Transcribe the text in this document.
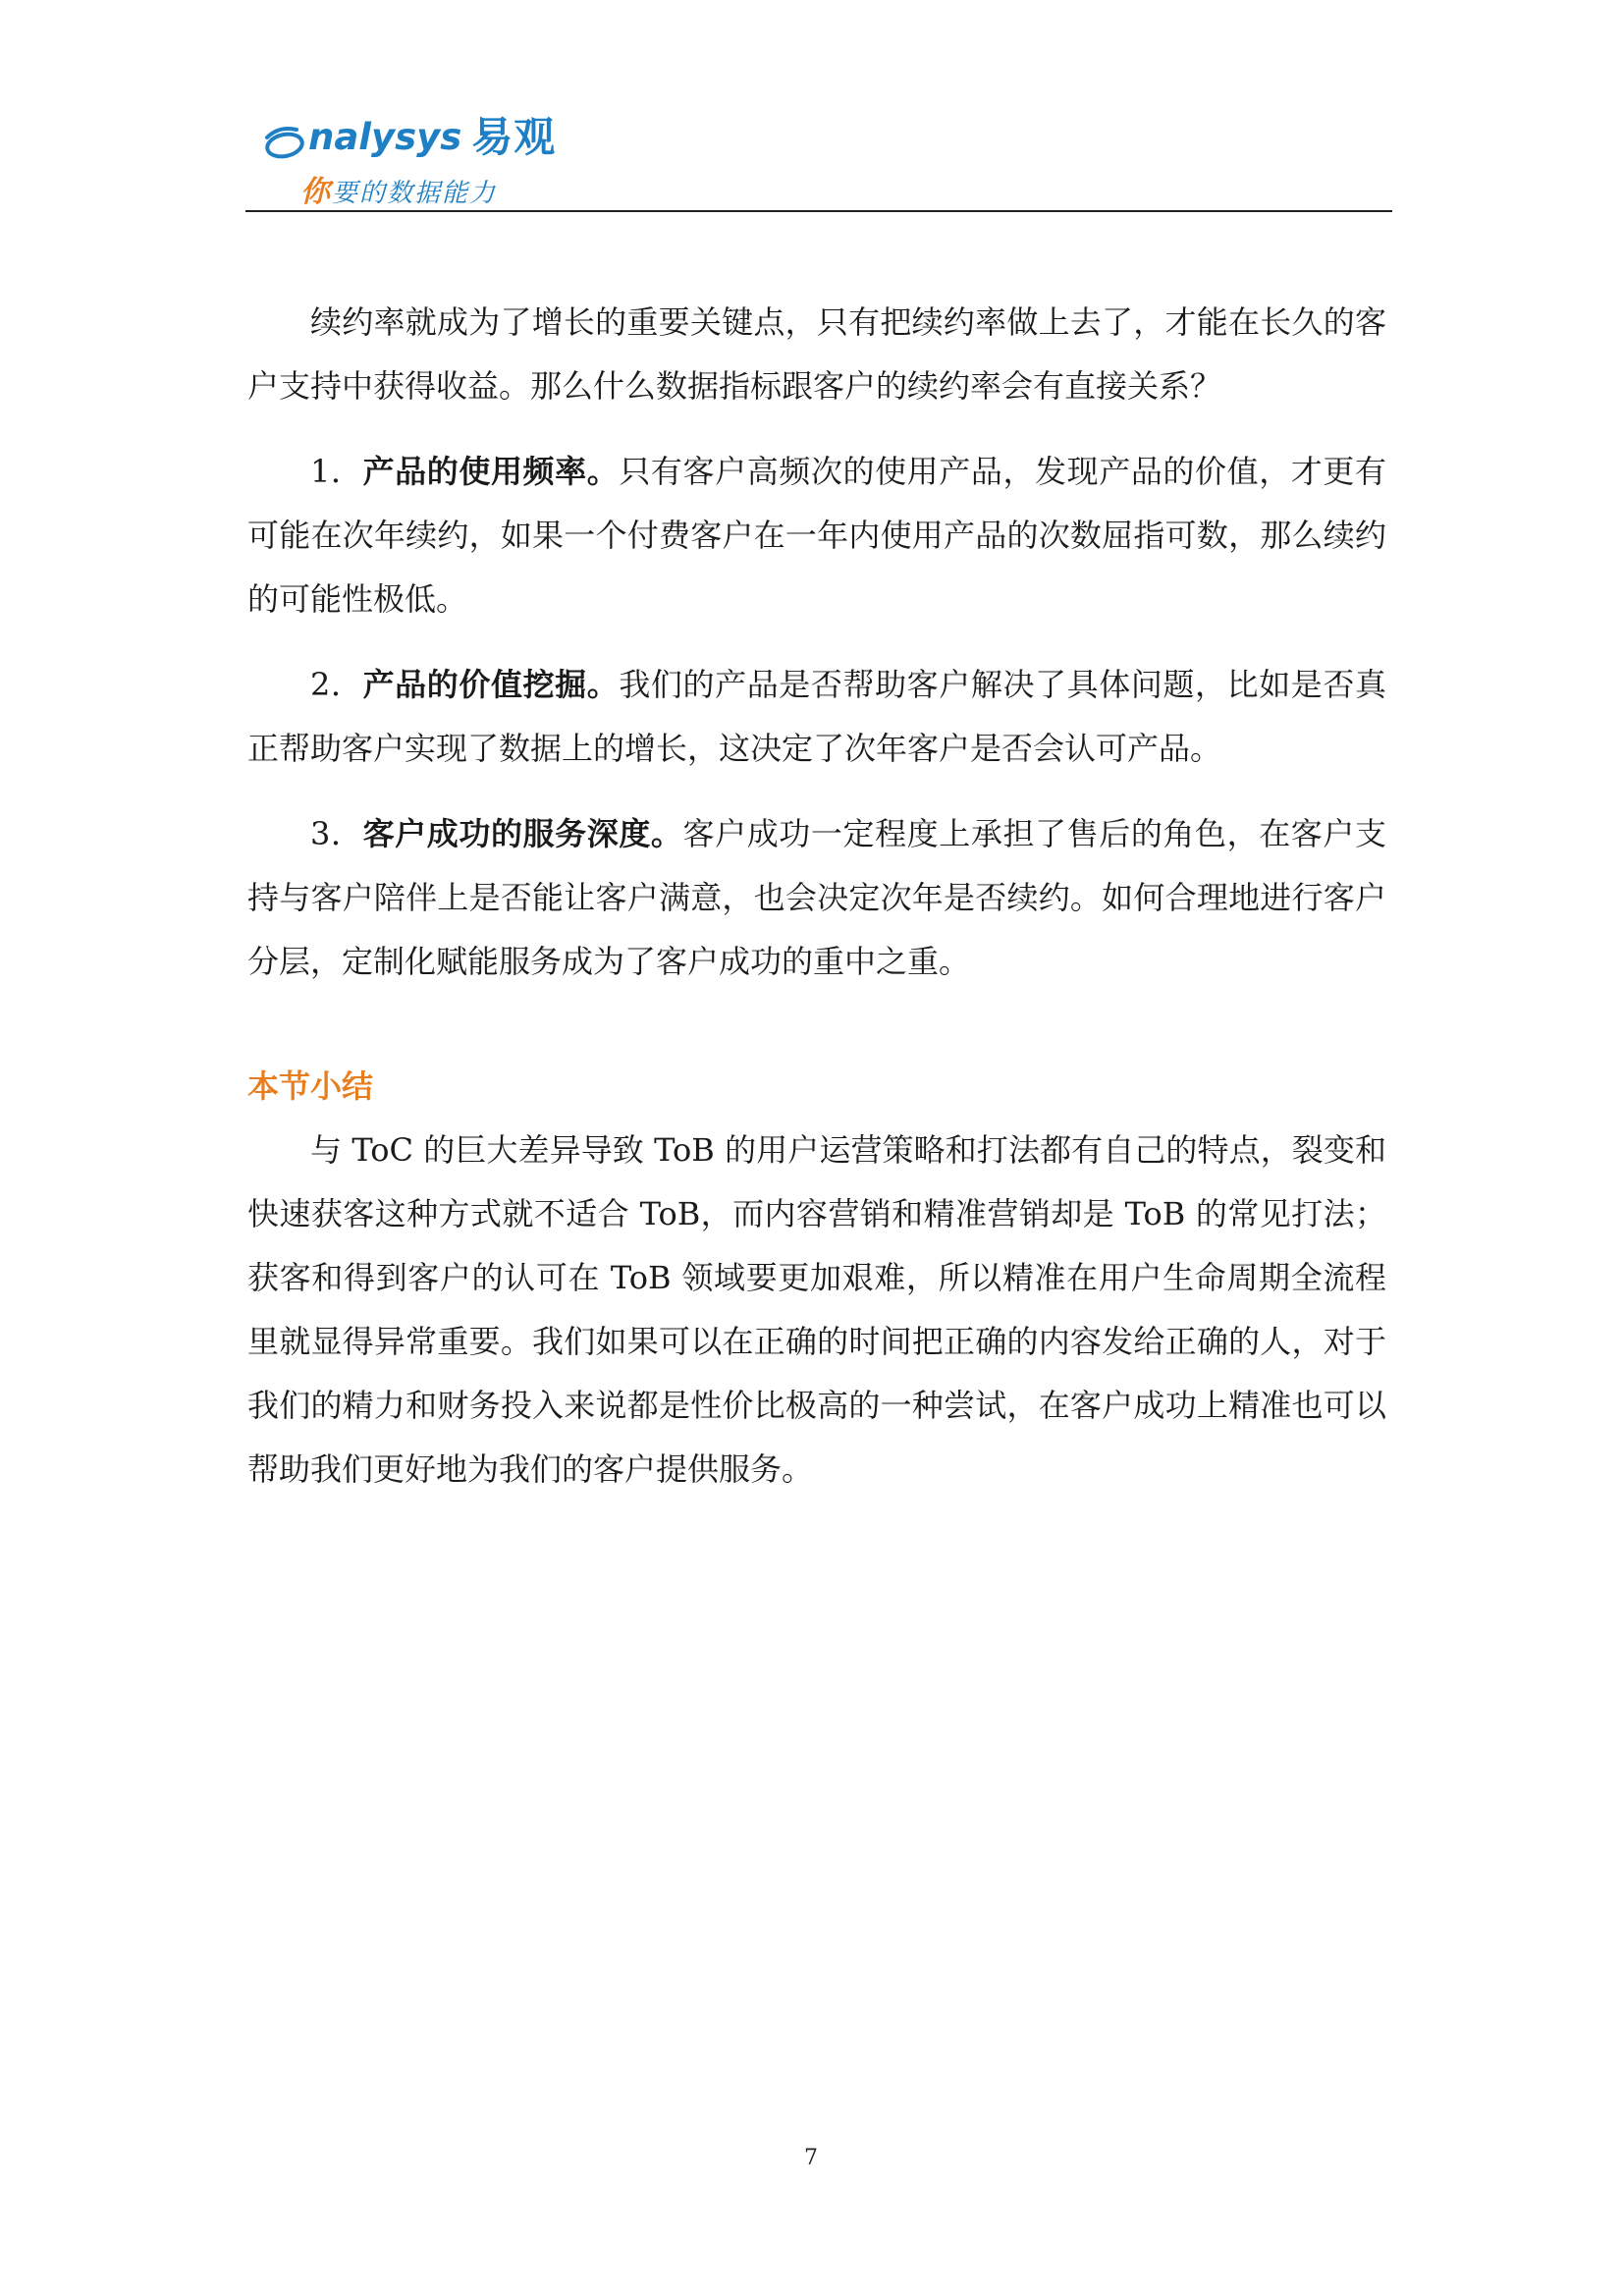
nalysys 易观
你要的数据能力

续约率就成为了增长的重要关键点，只有把续约率做上去了，才能在长久的客户支持中获得收益。那么什么数据指标跟客户的续约率会有直接关系？

1．产品的使用频率。只有客户高频次的使用产品，发现产品的价值，才更有可能在次年续约，如果一个付费客户在一年内使用产品的次数屈指可数，那么续约的可能性极低。

2．产品的价值挖掘。我们的产品是否帮助客户解决了具体问题，比如是否真正帮助客户实现了数据上的增长，这决定了次年客户是否会认可产品。

3．客户成功的服务深度。客户成功一定程度上承担了售后的角色，在客户支持与客户陪伴上是否能让客户满意，也会决定次年是否续约。如何合理地进行客户分层，定制化赋能服务成为了客户成功的重中之重。

本节小结

与 ToC 的巨大差异导致 ToB 的用户运营策略和打法都有自己的特点，裂变和快速获客这种方式就不适合 ToB，而内容营销和精准营销却是 ToB 的常见打法；获客和得到客户的认可在 ToB 领域要更加艰难，所以精准在用户生命周期全流程里就显得异常重要。我们如果可以在正确的时间把正确的内容发给正确的人，对于我们的精力和财务投入来说都是性价比极高的一种尝试，在客户成功上精准也可以帮助我们更好地为我们的客户提供服务。

7
